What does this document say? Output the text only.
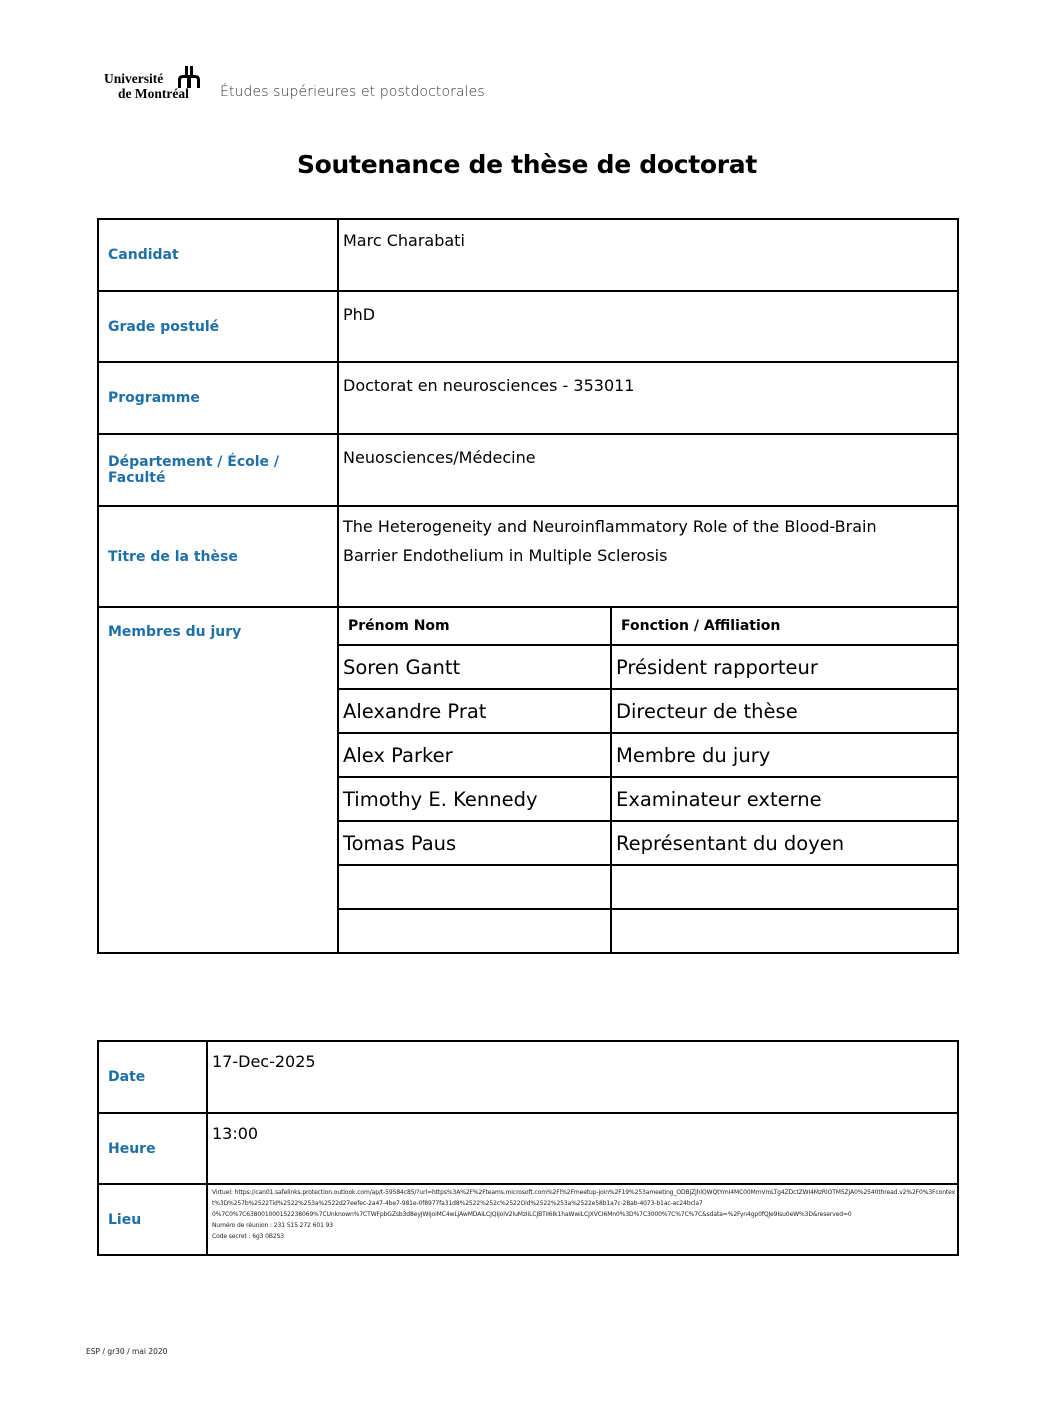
Université
de Montréal Études supérieures et postdoctorales
Soutenance de thèse de doctorat
Candidat	Marc Charabati
Grade postulé	PhD
Programme	Doctorat en neurosciences - 353011
Département / École / Faculté	Neuosciences/Médecine
Titre de la thèse	The Heterogeneity and Neuroinflammatory Role of the Blood-Brain Barrier Endothelium in Multiple Sclerosis
Membres du jury		Prénom Nom	Fonction / Affiliation
Soren Gantt	Président rapporteur
Alexandre Prat	Directeur de thèse
Alex Parker	Membre du jury
Timothy E. Kennedy	Examinateur externe
Tomas Paus	Représentant du doyen

Date	17-Dec-2025
Heure	13:00
Lieu	Virtuel: https://can01.safelinks.protection.outlook.com/ap/t-59584c85/?url=https%3A%2F%2Fteams.microsoft.com%2Fl%2Fmeetup-join%2F19%253ameeting_ODBjZjhlOWQtYmI4MC00MmVmLTg4ZDctZWI4MzRlOTM5ZjA0%2540thread.v2%2F0%3Fcontext%3D%257b%2522Tid%2522%253a%2522d27eefec-2a47-4be7-981e-0f8977fa31d8%2522%252c%2522Oid%2522%253a%2522e58b1a7c-28ab-4073-b1ac-ac24bcla7
0%7C0%7C638001000152238069%7CUnknown%7CTWFpbGZsb3d8eyJWIjoiMC4wLjAwMDAiLCJQIjoiV2luMzIiLCJBTiI6Ik1haWwiLCJXVCI6Mn0%3D%7C3000%7C%7C%7C&sdata=%2Fyn4gp0fQJe9Isu0eW%3D&reserved=0
Numéro de réunion : 231 515 272 601 93
Code secret : 6g3 0B2S3
ESP / gr30 / mai 2020
